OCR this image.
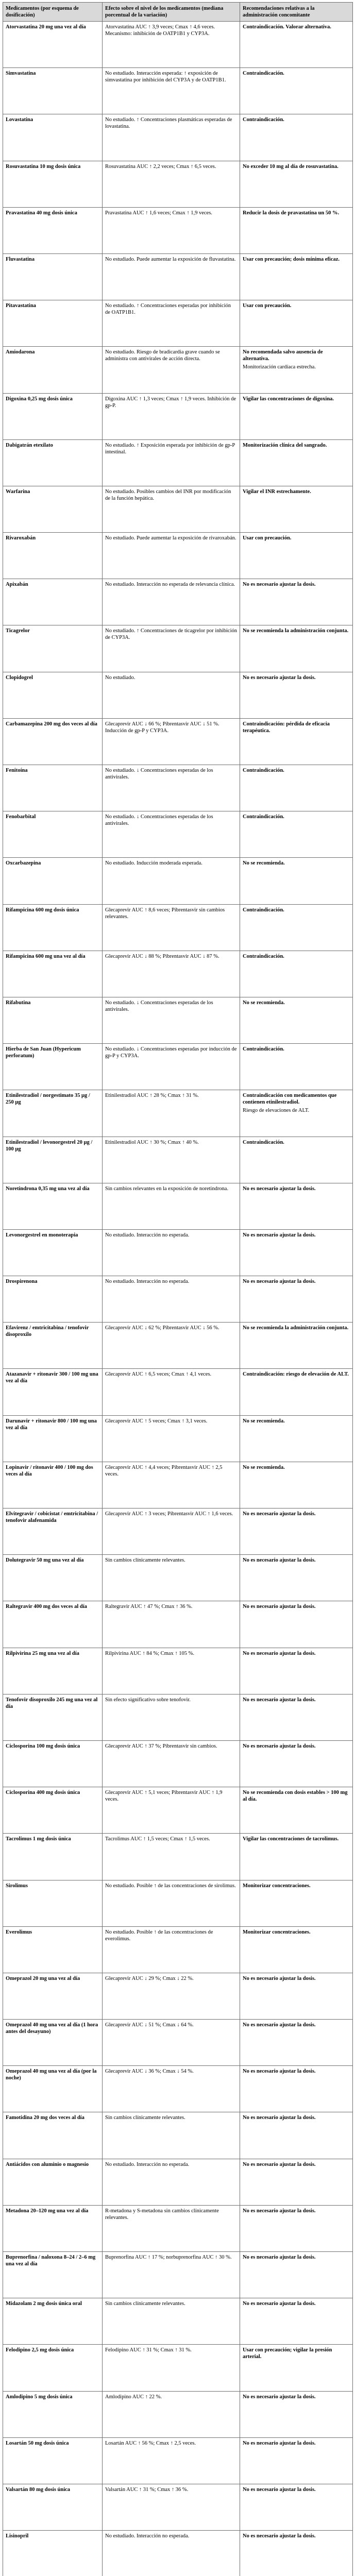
Medicamentos (por esquema de dosificación)	Efecto sobre el nivel de los medicamentos (mediana porcentual de la variación)	Recomendaciones relativas a la administración concomitante

Atorvastatina 20 mg una vez al día	Atorvastatina AUC ↑ 3,9 veces; Cmax ↑ 4,6 veces. Mecanismo: inhibición de OATP1B1 y CYP3A.	Contraindicación. Valorar alternativa.

Simvastatina	No estudiado. Interacción esperada: ↑ exposición de simvastatina por inhibición del CYP3A y de OATP1B1.	Contraindicación.

Lovastatina	No estudiado. ↑ Concentraciones plasmáticas esperadas de lovastatina.	Contraindicación.

Rosuvastatina 10 mg dosis única	Rosuvastatina AUC ↑ 2,2 veces; Cmax ↑ 6,5 veces.	No exceder 10 mg al día de rosuvastatina.

Pravastatina 40 mg dosis única	Pravastatina AUC ↑ 1,6 veces; Cmax ↑ 1,9 veces.	Reducir la dosis de pravastatina un 50 %.

Fluvastatina	No estudiado. Puede aumentar la exposición de fluvastatina.	Usar con precaución; dosis mínima eficaz.

Pitavastatina	No estudiado. ↑ Concentraciones esperadas por inhibición de OATP1B1.	Usar con precaución.

Amiodarona	No estudiado. Riesgo de bradicardia grave cuando se administra con antivirales de acción directa.	No recomendada salvo ausencia de alternativa.
Monitorización cardíaca estrecha.

Digoxina 0,25 mg dosis única	Digoxina AUC ↑ 1,3 veces; Cmax ↑ 1,9 veces. Inhibición de gp-P.	Vigilar las concentraciones de digoxina.

Dabigatrán etexilato	No estudiado. ↑ Exposición esperada por inhibición de gp-P intestinal.	Monitorización clínica del sangrado.

Warfarina	No estudiado. Posibles cambios del INR por modificación de la función hepática.	Vigilar el INR estrechamente.

Rivaroxabán	No estudiado. Puede aumentar la exposición de rivaroxabán.	Usar con precaución.

Apixabán	No estudiado. Interacción no esperada de relevancia clínica.	No es necesario ajustar la dosis.

Ticagrelor	No estudiado. ↑ Concentraciones de ticagrelor por inhibición de CYP3A.	No se recomienda la administración conjunta.

Clopidogrel	No estudiado.	No es necesario ajustar la dosis.

Carbamazepina 200 mg dos veces al día	Glecaprevir AUC ↓ 66 %; Pibrentasvir AUC ↓ 51 %. Inducción de gp-P y CYP3A.	Contraindicación: pérdida de eficacia terapéutica.

Fenitoína	No estudiado. ↓ Concentraciones esperadas de los antivirales.	Contraindicación.

Fenobarbital	No estudiado. ↓ Concentraciones esperadas de los antivirales.	Contraindicación.

Oxcarbazepina	No estudiado. Inducción moderada esperada.	No se recomienda.

Rifampicina 600 mg dosis única	Glecaprevir AUC ↑ 8,6 veces; Pibrentasvir sin cambios relevantes.	Contraindicación.

Rifampicina 600 mg una vez al día	Glecaprevir AUC ↓ 88 %; Pibrentasvir AUC ↓ 87 %.	Contraindicación.

Rifabutina	No estudiado. ↓ Concentraciones esperadas de los antivirales.	No se recomienda.

Hierba de San Juan (Hypericum perforatum)	No estudiado. ↓ Concentraciones esperadas por inducción de gp-P y CYP3A.	Contraindicación.

Etinilestradiol / norgestimato 35 µg / 250 µg	Etinilestradiol AUC ↑ 28 %; Cmax ↑ 31 %.	Contraindicación con medicamentos que contienen etinilestradiol.
Riesgo de elevaciones de ALT.

Etinilestradiol / levonorgestrel 20 µg / 100 µg	Etinilestradiol AUC ↑ 30 %; Cmax ↑ 40 %.	Contraindicación.

Noretindrona 0,35 mg una vez al día	Sin cambios relevantes en la exposición de noretindrona.	No es necesario ajustar la dosis.

Levonorgestrel en monoterapia	No estudiado. Interacción no esperada.	No es necesario ajustar la dosis.

Drospirenona	No estudiado. Interacción no esperada.	No es necesario ajustar la dosis.

Efavirenz / emtricitabina / tenofovir disoproxilo	Glecaprevir AUC ↓ 62 %; Pibrentasvir AUC ↓ 56 %.	No se recomienda la administración conjunta.

Atazanavir + ritonavir 300 / 100 mg una vez al día	Glecaprevir AUC ↑ 6,5 veces; Cmax ↑ 4,1 veces.	Contraindicación: riesgo de elevación de ALT.

Darunavir + ritonavir 800 / 100 mg una vez al día	Glecaprevir AUC ↑ 5 veces; Cmax ↑ 3,1 veces.	No se recomienda.

Lopinavir / ritonavir 400 / 100 mg dos veces al día	Glecaprevir AUC ↑ 4,4 veces; Pibrentasvir AUC ↑ 2,5 veces.	No se recomienda.

Elvitegravir / cobicistat / emtricitabina / tenofovir alafenamida	Glecaprevir AUC ↑ 3 veces; Pibrentasvir AUC ↑ 1,6 veces.	No es necesario ajustar la dosis.

Dolutegravir 50 mg una vez al día	Sin cambios clínicamente relevantes.	No es necesario ajustar la dosis.

Raltegravir 400 mg dos veces al día	Raltegravir AUC ↑ 47 %; Cmax ↑ 36 %.	No es necesario ajustar la dosis.

Rilpivirina 25 mg una vez al día	Rilpivirina AUC ↑ 84 %; Cmax ↑ 105 %.	No es necesario ajustar la dosis.

Tenofovir disoproxilo 245 mg una vez al día	Sin efecto significativo sobre tenofovir.	No es necesario ajustar la dosis.

Ciclosporina 100 mg dosis única	Glecaprevir AUC ↑ 37 %; Pibrentasvir sin cambios.	No es necesario ajustar la dosis.

Ciclosporina 400 mg dosis única	Glecaprevir AUC ↑ 5,1 veces; Pibrentasvir AUC ↑ 1,9 veces.	No se recomienda con dosis estables > 100 mg al día.

Tacrolimus 1 mg dosis única	Tacrolimus AUC ↑ 1,5 veces; Cmax ↑ 1,5 veces.	Vigilar las concentraciones de tacrolimus.

Sirolimus	No estudiado. Posible ↑ de las concentraciones de sirolimus.	Monitorizar concentraciones.

Everolimus	No estudiado. Posible ↑ de las concentraciones de everolimus.	Monitorizar concentraciones.

Omeprazol 20 mg una vez al día	Glecaprevir AUC ↓ 29 %; Cmax ↓ 22 %.	No es necesario ajustar la dosis.

Omeprazol 40 mg una vez al día (1 hora antes del desayuno)	Glecaprevir AUC ↓ 51 %; Cmax ↓ 64 %.	No es necesario ajustar la dosis.

Omeprazol 40 mg una vez al día (por la noche)	Glecaprevir AUC ↓ 36 %; Cmax ↓ 54 %.	No es necesario ajustar la dosis.

Famotidina 20 mg dos veces al día	Sin cambios clínicamente relevantes.	No es necesario ajustar la dosis.

Antiácidos con aluminio o magnesio	No estudiado. Interacción no esperada.	No es necesario ajustar la dosis.

Metadona 20–120 mg una vez al día	R-metadona y S-metadona sin cambios clínicamente relevantes.	No es necesario ajustar la dosis.

Buprenorfina / naloxona 8–24 / 2–6 mg una vez al día	Buprenorfina AUC ↑ 17 %; norbuprenorfina AUC ↑ 30 %.	No es necesario ajustar la dosis.

Midazolam 2 mg dosis única oral	Sin cambios clínicamente relevantes.	No es necesario ajustar la dosis.

Felodipino 2,5 mg dosis única	Felodipino AUC ↑ 31 %; Cmax ↑ 31 %.	Usar con precaución; vigilar la presión arterial.

Amlodipino 5 mg dosis única	Amlodipino AUC ↑ 22 %.	No es necesario ajustar la dosis.

Losartán 50 mg dosis única	Losartán AUC ↑ 56 %; Cmax ↑ 2,5 veces.	No es necesario ajustar la dosis.

Valsartán 80 mg dosis única	Valsartán AUC ↑ 31 %; Cmax ↑ 36 %.	No es necesario ajustar la dosis.

Lisinopril	No estudiado. Interacción no esperada.	No es necesario ajustar la dosis.
